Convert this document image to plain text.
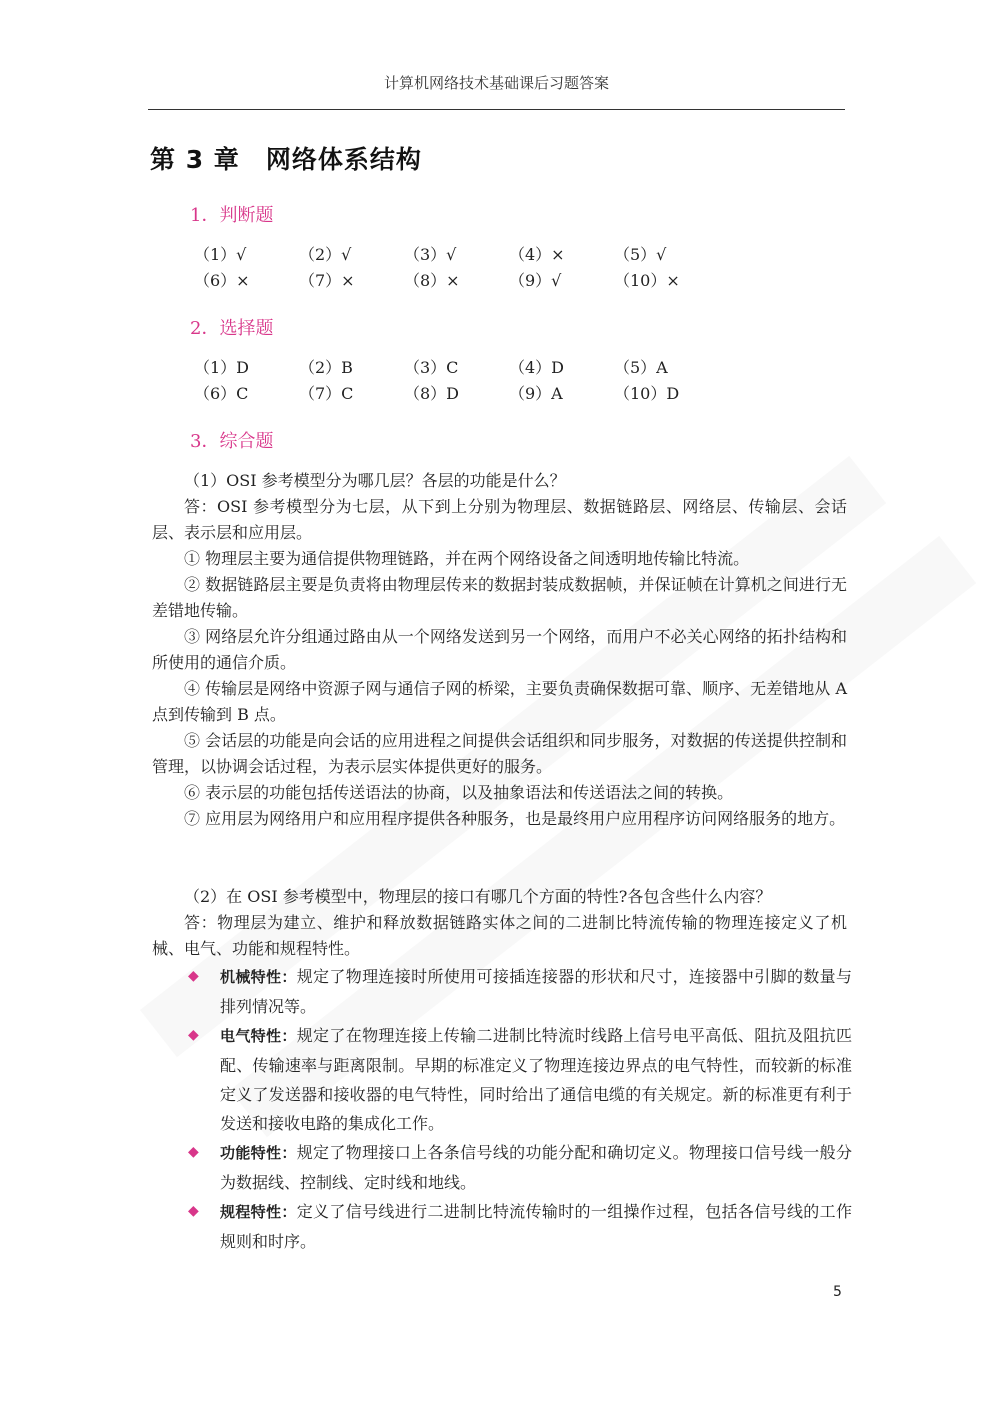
计算机网络技术基础课后习题答案
第 3 章 网络体系结构
1．判断题
（1）√	（2）√	（3）√	（4）×	（5）√
（6）×	（7）×	（8）×	（9）√	（10）×
2．选择题
（1）D	（2）B	（3）C	（4）D	（5）A
（6）C	（7）C	（8）D	（9）A	（10）D
3．综合题

（1）OSI 参考模型分为哪几层？各层的功能是什么？

答：OSI 参考模型分为七层，从下到上分别为物理层、数据链路层、网络层、传输层、会话层、表示层和应用层。

① 物理层主要为通信提供物理链路，并在两个网络设备之间透明地传输比特流。

② 数据链路层主要是负责将由物理层传来的数据封装成数据帧，并保证帧在计算机之间进行无差错地传输。

③ 网络层允许分组通过路由从一个网络发送到另一个网络，而用户不必关心网络的拓扑结构和所使用的通信介质。

④ 传输层是网络中资源子网与通信子网的桥梁，主要负责确保数据可靠、顺序、无差错地从 A 点到传输到 B 点。

⑤ 会话层的功能是向会话的应用进程之间提供会话组织和同步服务，对数据的传送提供控制和管理，以协调会话过程，为表示层实体提供更好的服务。

⑥ 表示层的功能包括传送语法的协商，以及抽象语法和传送语法之间的转换。

⑦ 应用层为网络用户和应用程序提供各种服务，也是最终用户应用程序访问网络服务的地方。

（2）在 OSI 参考模型中，物理层的接口有哪几个方面的特性?各包含些什么内容？

答：物理层为建立、维护和释放数据链路实体之间的二进制比特流传输的物理连接定义了机械、电气、功能和规程特性。

◆	机械特性：规定了物理连接时所使用可接插连接器的形状和尺寸，连接器中引脚的数量与排列情况等。
◆	电气特性：规定了在物理连接上传输二进制比特流时线路上信号电平高低、阻抗及阻抗匹配、传输速率与距离限制。早期的标准定义了物理连接边界点的电气特性，而较新的标准定义了发送器和接收器的电气特性，同时给出了通信电缆的有关规定。新的标准更有利于发送和接收电路的集成化工作。
◆	功能特性：规定了物理接口上各条信号线的功能分配和确切定义。物理接口信号线一般分为数据线、控制线、定时线和地线。
◆	规程特性：定义了信号线进行二进制比特流传输时的一组操作过程，包括各信号线的工作规则和时序。
5
